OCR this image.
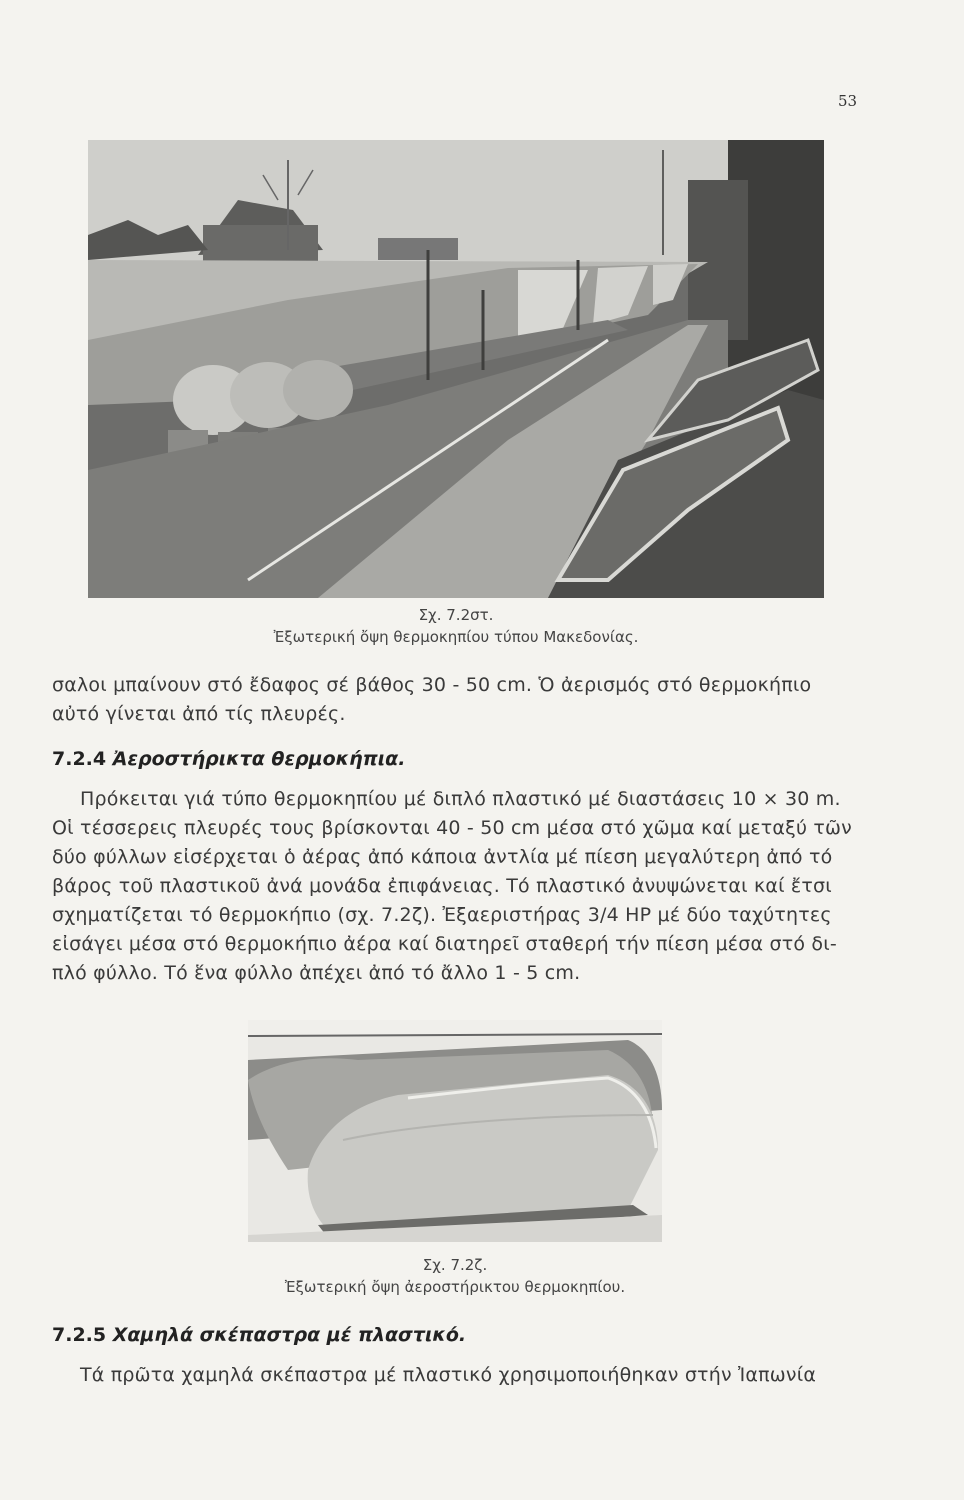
53
Σχ. 7.2στ.
Ἐξωτερική ὄψη θερμοκηπίου τύπου Μακεδονίας.
σαλοι μπαίνουν στό ἔδαφος σέ βάθος 30 - 50 cm. Ὁ ἀερισμός στό θερμοκήπιο
αὐτό γίνεται ἀπό τίς πλευρές.
7.2.4 Ἀεροστήρικτα θερμοκήπια.
Πρόκειται γιά τύπο θερμοκηπίου μέ διπλό πλαστικό μέ διαστάσεις 10 × 30 m.
Οἱ τέσσερεις πλευρές τους βρίσκονται 40 - 50 cm μέσα στό χῶμα καί μεταξύ τῶν
δύο φύλλων εἰσέρχεται ὁ ἀέρας ἀπό κάποια ἀντλία μέ πίεση μεγαλύτερη ἀπό τό
βάρος τοῦ πλαστικοῦ ἀνά μονάδα ἐπιφάνειας. Τό πλαστικό ἀνυψώνεται καί ἔτσι
σχηματίζεται τό θερμοκήπιο (σχ. 7.2ζ). Ἐξαεριστήρας 3/4 HP μέ δύο ταχύτητες
εἰσάγει μέσα στό θερμοκήπιο ἀέρα καί διατηρεῖ σταθερή τήν πίεση μέσα στό δι-
πλό φύλλο. Τό ἕνα φύλλο ἀπέχει ἀπό τό ἄλλο 1 - 5 cm.
Σχ. 7.2ζ.
Ἐξωτερική ὄψη ἀεροστήρικτου θερμοκηπίου.
7.2.5 Χαμηλά σκέπαστρα μέ πλαστικό.
Τά πρῶτα χαμηλά σκέπαστρα μέ πλαστικό χρησιμοποιήθηκαν στήν Ἰαπωνία
